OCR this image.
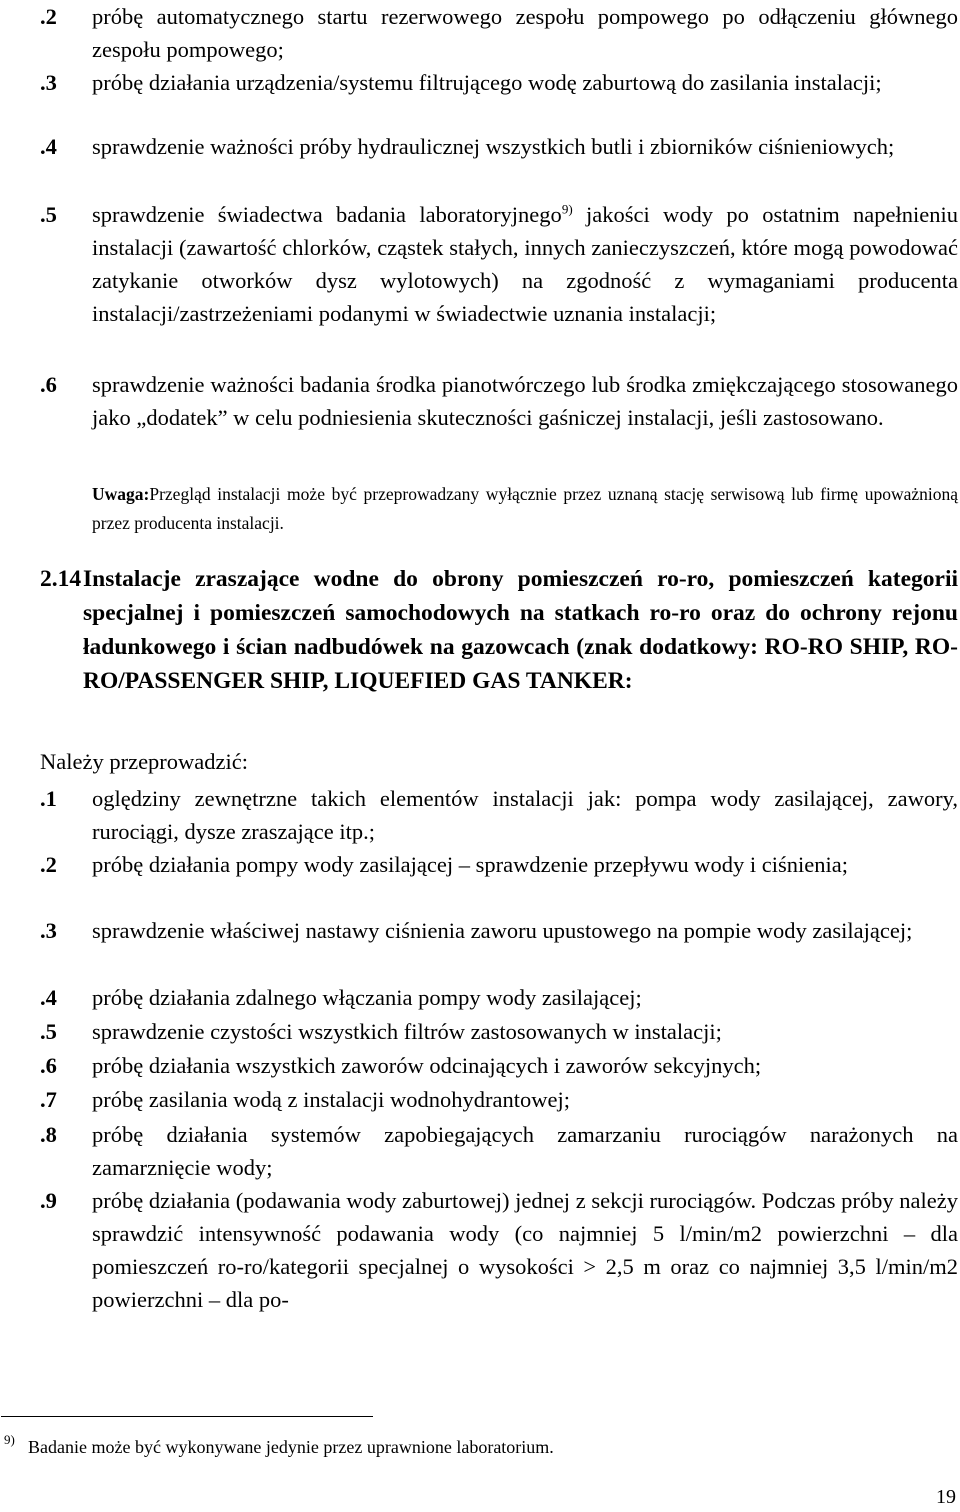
.2	próbę automatycznego startu rezerwowego zespołu pompowego po odłączeniu głównego zespołu pompowego;
.3	próbę działania urządzenia/systemu filtrującego wodę zaburtową do zasilania instalacji;
.4	sprawdzenie ważności próby hydraulicznej wszystkich butli i zbiorników ciśnieniowych;
.5	sprawdzenie świadectwa badania laboratoryjnego$^{9)}$ jakości wody po ostatnim napełnieniu instalacji (zawartość chlorków, cząstek stałych, innych zanieczyszczeń, które mogą powodować zatykanie otworków dysz wylotowych) na zgodność z wymaganiami producenta instalacji/zastrzeżeniami podanymi w świadectwie uznania instalacji;
.6	sprawdzenie ważności badania środka pianotwórczego lub środka zmiękczającego stosowanego jako „dodatek” w celu podniesienia skuteczności gaśniczej instalacji, jeśli zastosowano.
Uwaga:Przegląd instalacji może być przeprowadzany wyłącznie przez uznaną stację serwisową lub firmę upoważnioną przez producenta instalacji.
2.14 Instalacje zraszające wodne do obrony pomieszczeń ro-ro, pomieszczeń kategorii specjalnej i pomieszczeń samochodowych na statkach ro-ro oraz do ochrony rejonu ładunkowego i ścian nadbudówek na gazowcach (znak dodatkowy: RO-RO SHIP, RO-RO/PASSENGER SHIP, LIQUEFIED GAS TANKER:
Należy przeprowadzić:
.1	oględziny zewnętrzne takich elementów instalacji jak: pompa wody zasilającej, zawory, rurociągi, dysze zraszające itp.;
.2	próbę działania pompy wody zasilającej – sprawdzenie przepływu wody i ciśnienia;
.3	sprawdzenie właściwej nastawy ciśnienia zaworu upustowego na pompie wody zasilającej;
.4	próbę działania zdalnego włączania pompy wody zasilającej;
.5	sprawdzenie czystości wszystkich filtrów zastosowanych w instalacji;
.6	próbę działania wszystkich zaworów odcinających i zaworów sekcyjnych;
.7	próbę zasilania wodą z instalacji wodnohydrantowej;
.8	próbę działania systemów zapobiegających zamarzaniu rurociągów narażonych na zamarznięcie wody;
.9	próbę działania (podawania wody zaburtowej) jednej z sekcji rurociągów. Podczas próby należy sprawdzić intensywność podawania wody (co najmniej 5 l/min/m2 powierzchni – dla pomieszczeń ro-ro/kategorii specjalnej o wysokości > 2,5 m oraz co najmniej 3,5 l/min/m2 powierzchni – dla po-
9) Badanie może być wykonywane jedynie przez uprawnione laboratorium.
19
